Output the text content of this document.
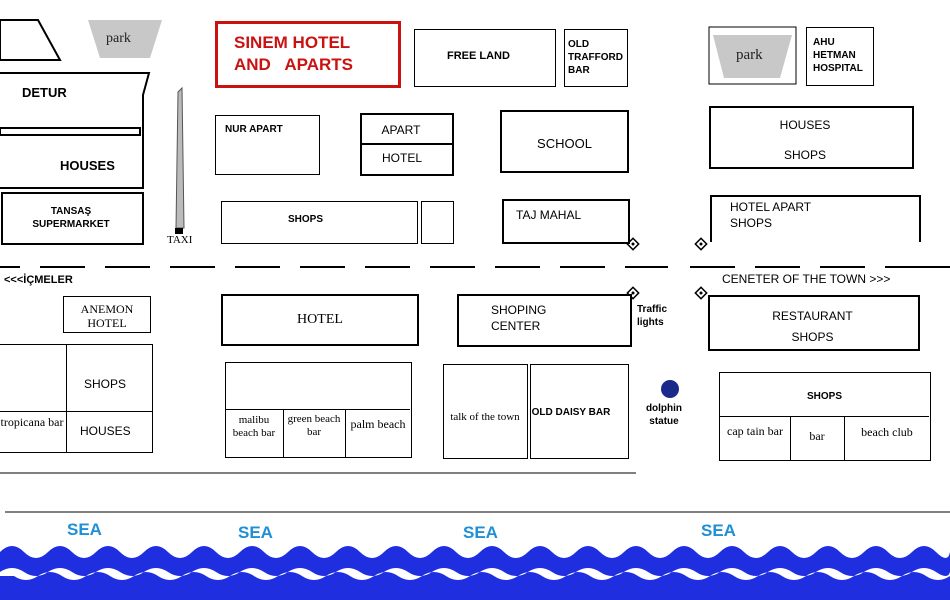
park
park
SINEM HOTEL
AND   APARTS	FREE LAND
OLD TRAFFORD BAR
AHU HETMAN HOSPITAL
DETUR
HOUSES
NUR APART	APART
HOTEL
SCHOOL
HOUSES
SHOPS
TANSAŞ SUPERMARKET
TAXI
SHOPS	TAJ MAHAL
HOTEL APART
SHOPS
<<<İÇMELER	CENETER OF THE TOWN >>>
ANEMON HOTEL	HOTEL
SHOPING CENTER
Traffic lights	RESTAURANT
SHOPS
SHOPS
tropicana bar
HOUSES
malibu beach bar
green beach bar
palm beach	talk of the town	OLD DAISY BAR	dolphin statue
SHOPS
cap tain bar	bar	beach club
SEA	SEA	SEA	SEA
